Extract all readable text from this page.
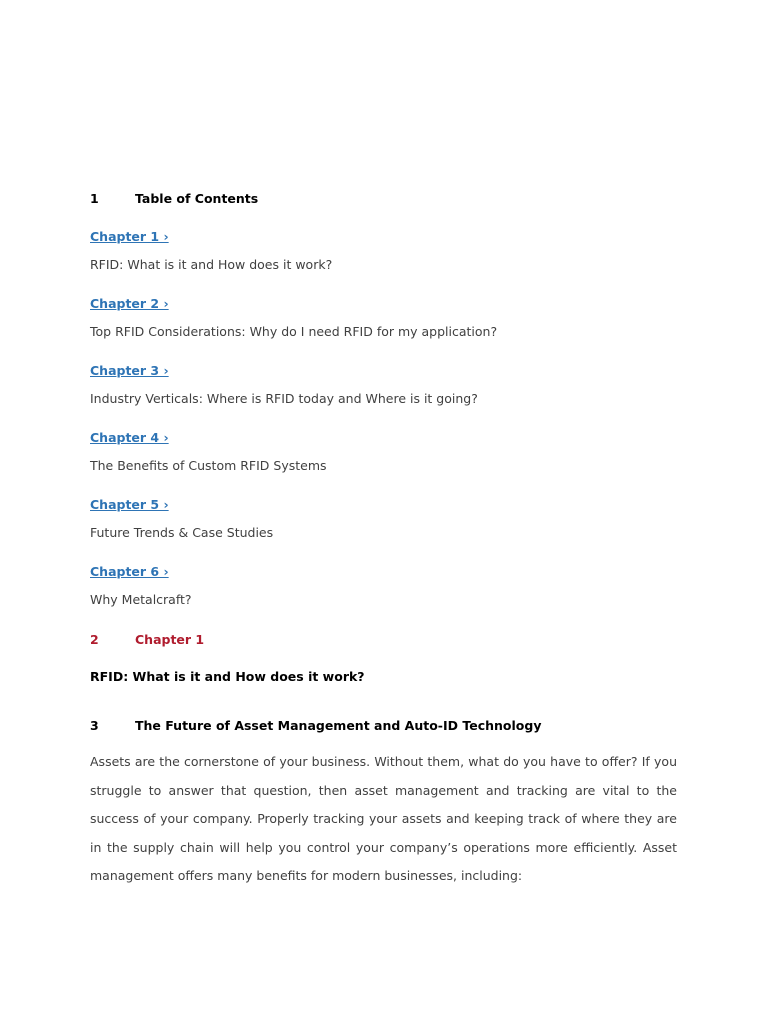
1	Table of Contents
Chapter 1 ›
RFID: What is it and How does it work?
Chapter 2 ›
Top RFID Considerations: Why do I need RFID for my application?
Chapter 3 ›
Industry Verticals: Where is RFID today and Where is it going?
Chapter 4 ›
The Benefits of Custom RFID Systems
Chapter 5 ›
Future Trends & Case Studies
Chapter 6 ›
Why Metalcraft?
2	Chapter 1
RFID: What is it and How does it work?
3	The Future of Asset Management and Auto-ID Technology

Assets are the cornerstone of your business. Without them, what do you have to offer? If you struggle to answer that question, then asset management and tracking are vital to the success of your company. Properly tracking your assets and keeping track of where they are in the supply chain will help you control your company’s operations more efficiently. Asset management offers many benefits for modern businesses, including:
